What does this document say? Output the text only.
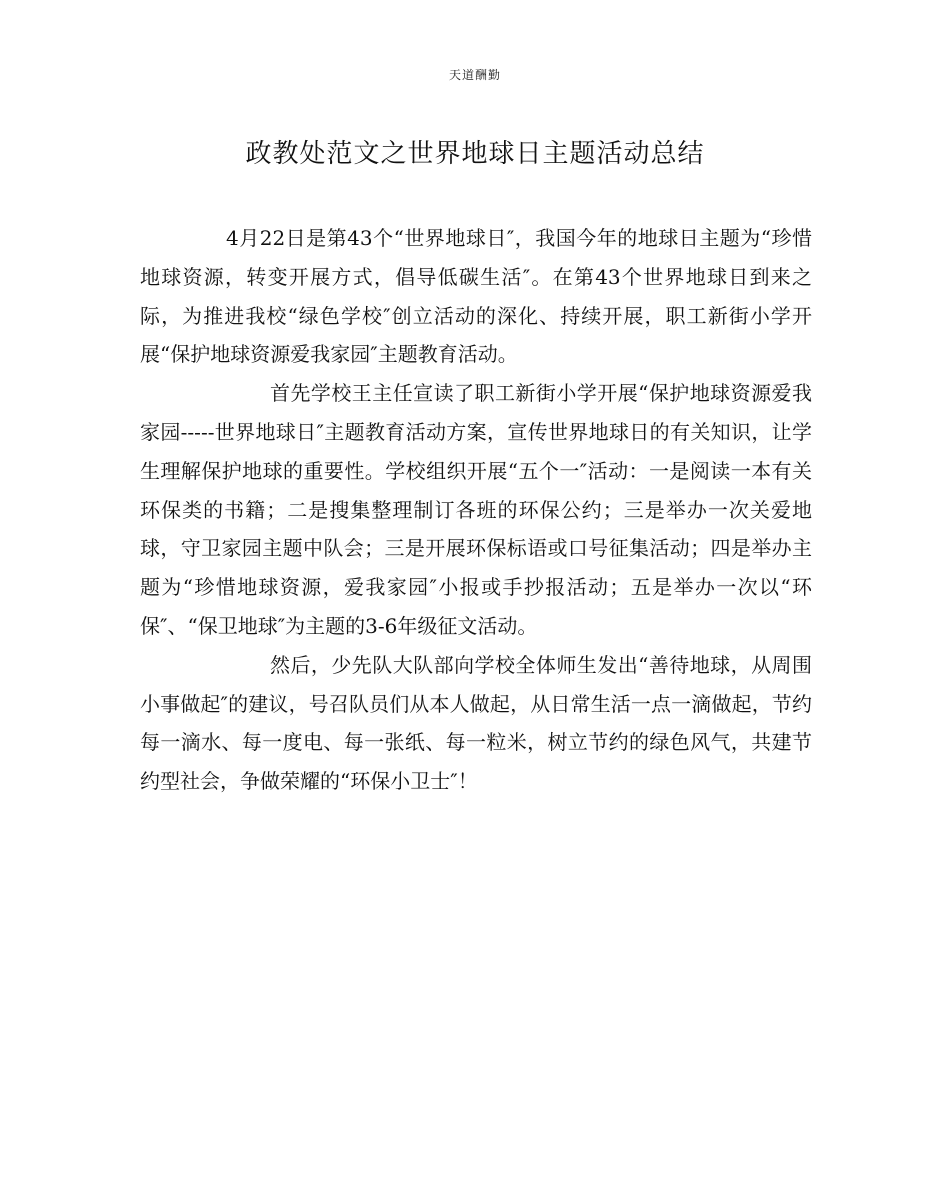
天道酬勤
政教处范文之世界地球日主题活动总结

4月22日是第43个“世界地球日″，我国今年的地球日主题为“珍惜地球资源，转变开展方式，倡导低碳生活″。在第43个世界地球日到来之际，为推进我校“绿色学校″创立活动的深化、持续开展，职工新街小学开展“保护地球资源爱我家园″主题教育活动。

首先学校王主任宣读了职工新街小学开展“保护地球资源爱我家园-----世界地球日″主题教育活动方案，宣传世界地球日的有关知识，让学生理解保护地球的重要性。学校组织开展“五个一″活动：一是阅读一本有关环保类的书籍；二是搜集整理制订各班的环保公约；三是举办一次关爱地球，守卫家园主题中队会；三是开展环保标语或口号征集活动；四是举办主题为“珍惜地球资源，爱我家园″小报或手抄报活动；五是举办一次以“环保″、“保卫地球″为主题的3-6年级征文活动。

然后，少先队大队部向学校全体师生发出“善待地球，从周围小事做起″的建议，号召队员们从本人做起，从日常生活一点一滴做起，节约每一滴水、每一度电、每一张纸、每一粒米，树立节约的绿色风气，共建节约型社会，争做荣耀的“环保小卫士″！
